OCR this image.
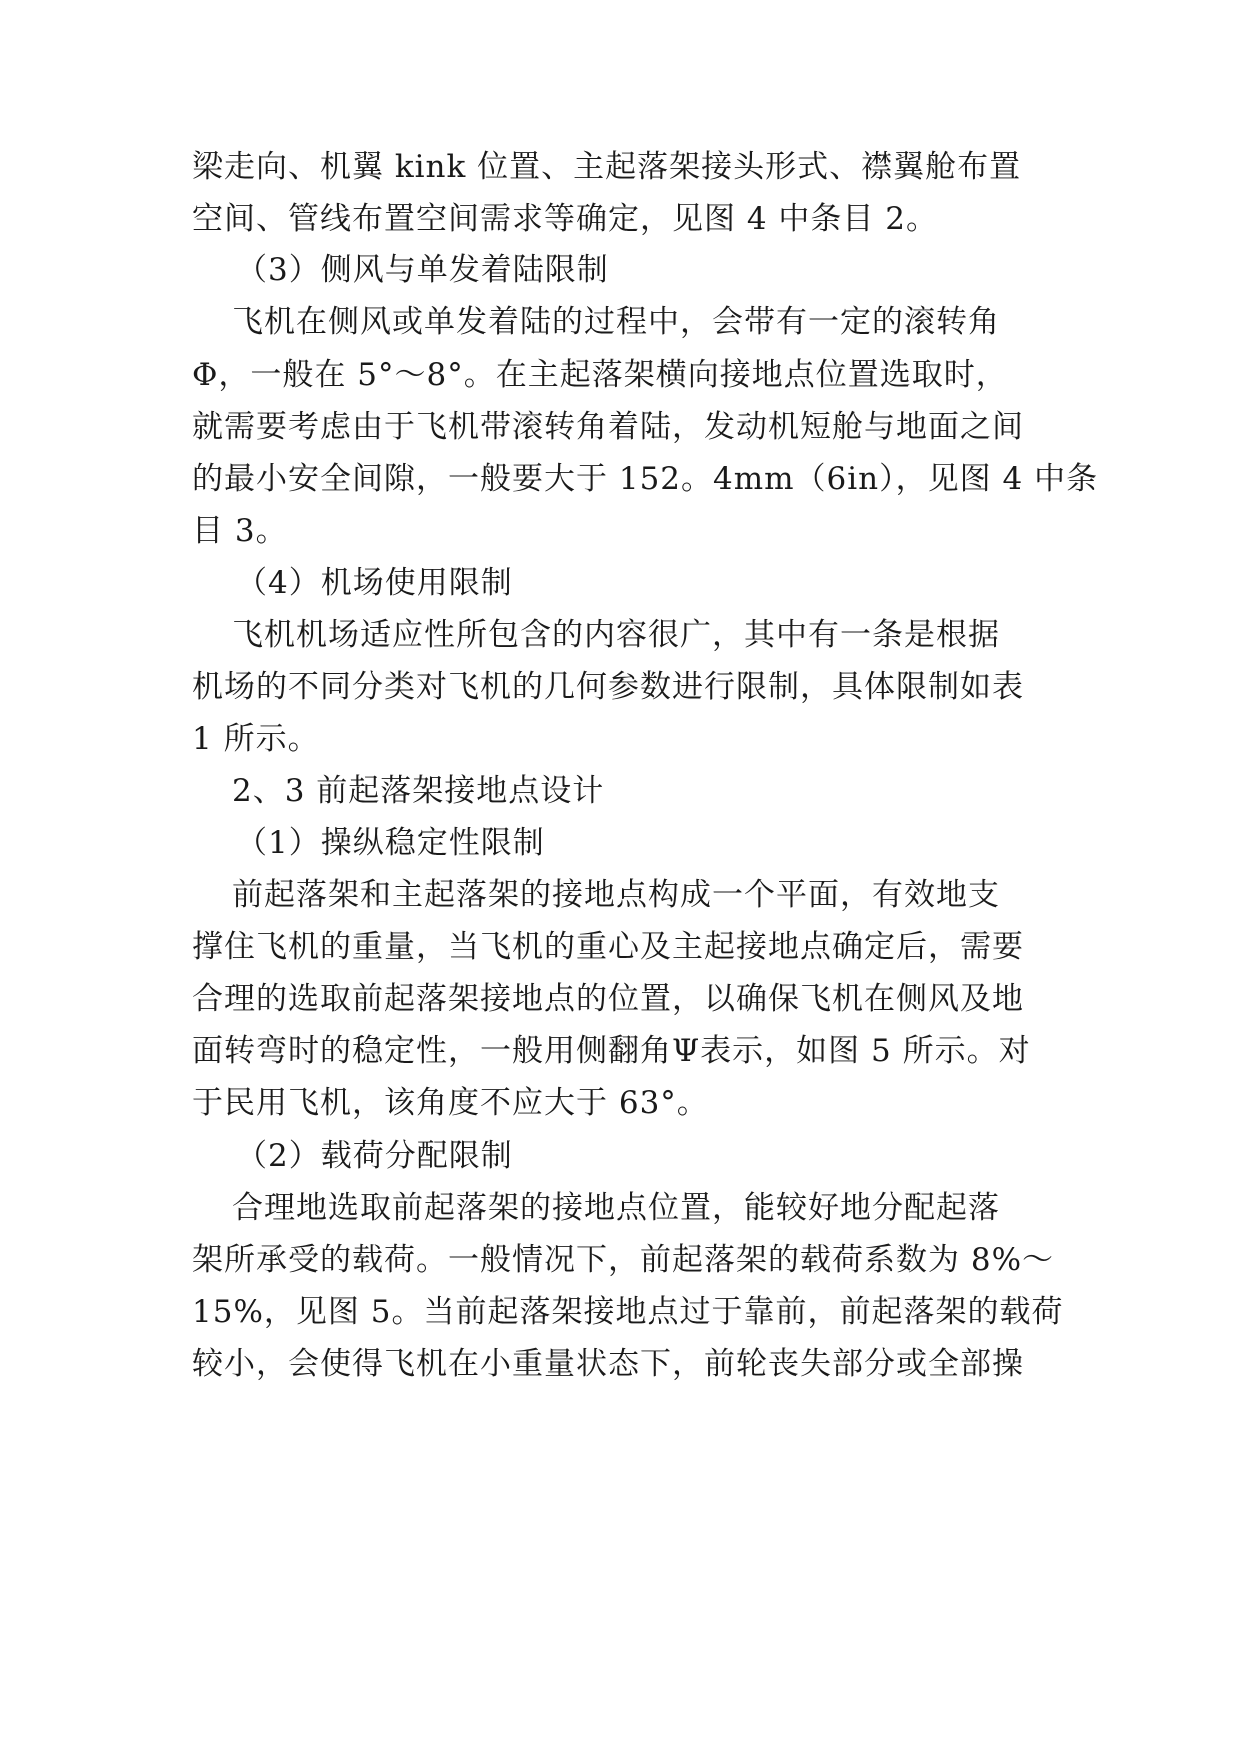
梁走向、机翼 kink 位置、主起落架接头形式、襟翼舱布置
空间、管线布置空间需求等确定，见图 4 中条目 2。
（3）侧风与单发着陆限制
飞机在侧风或单发着陆的过程中，会带有一定的滚转角
Φ，一般在 5°～8°。在主起落架横向接地点位置选取时，
就需要考虑由于飞机带滚转角着陆，发动机短舱与地面之间
的最小安全间隙，一般要大于 152。4mm（6in），见图 4 中条
目 3。
（4）机场使用限制
飞机机场适应性所包含的内容很广，其中有一条是根据
机场的不同分类对飞机的几何参数进行限制，具体限制如表
1 所示。
2、3 前起落架接地点设计
（1）操纵稳定性限制
前起落架和主起落架的接地点构成一个平面，有效地支
撑住飞机的重量，当飞机的重心及主起接地点确定后，需要
合理的选取前起落架接地点的位置，以确保飞机在侧风及地
面转弯时的稳定性，一般用侧翻角Ψ表示，如图 5 所示。对
于民用飞机，该角度不应大于 63°。
（2）载荷分配限制
合理地选取前起落架的接地点位置，能较好地分配起落
架所承受的载荷。一般情况下，前起落架的载荷系数为 8%～
15%，见图 5。当前起落架接地点过于靠前，前起落架的载荷
较小，会使得飞机在小重量状态下，前轮丧失部分或全部操
